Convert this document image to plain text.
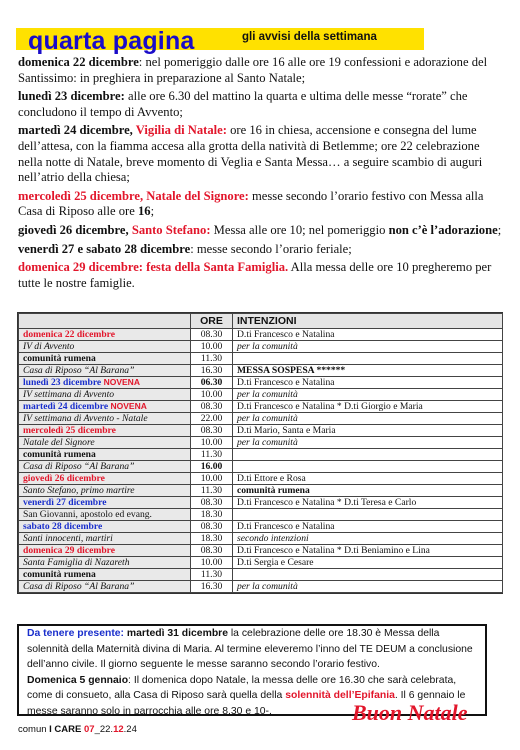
quarta pagina	gli avvisi della settimana

domenica 22 dicembre: nel pomeriggio dalle ore 16 alle ore 19 confessioni e adorazione del Santissimo: in preghiera in preparazione al Santo Natale;

lunedì 23 dicembre: alle ore 6.30 del mattino la quarta e ultima delle messe “rorate” che concludono il tempo di Avvento;

martedì 24 dicembre, Vigilia di Natale: ore 16 in chiesa, accensione e consegna del lume dell’attesa, con la fiamma accesa alla grotta della natività di Betlemme; ore 22 celebrazione nella notte di Natale, breve momento di Veglia e Santa Messa… a seguire scambio di auguri nell’atrio della chiesa;

mercoledì 25 dicembre, Natale del Signore: messe secondo l’orario festivo con Messa alla Casa di Riposo alle ore 16;

giovedì 26 dicembre, Santo Stefano: Messa alle ore 10; nel pomeriggio non c’è l’adorazione;

venerdì 27 e sabato 28 dicembre: messe secondo l’orario feriale;

domenica 29 dicembre: festa della Santa Famiglia. Alla messa delle ore 10 pregheremo per tutte le nostre famiglie.

	ORE	INTENZIONI
domenica 22 dicembre	08.30	D.ti Francesco e Natalina
IV di Avvento	10.00	per la comunità
comunità rumena	11.30	
Casa di Riposo “Al Barana”	16.30	MESSA SOSPESA ******
lunedì 23 dicembre NOVENA	06.30	D.ti Francesco e Natalina
IV settimana di Avvento	10.00	per la comunità
martedì 24 dicembre NOVENA	08.30	D.ti Francesco e Natalina * D.ti Giorgio e Maria
IV settimana di Avvento - Natale	22.00	per la comunità
mercoledì 25 dicembre	08.30	D.ti Mario, Santa e Maria
Natale del Signore	10.00	per la comunità
comunità rumena	11.30	
Casa di Riposo “Al Barana”	16.00	
giovedì 26 dicembre	10.00	D.ti Ettore e Rosa
Santo Stefano, primo martire	11.30	comunità rumena
venerdì 27 dicembre	08.30	D.ti Francesco e Natalina * D.ti Teresa e Carlo
San Giovanni, apostolo ed evang.	18.30	
sabato 28 dicembre	08.30	D.ti Francesco e Natalina
Santi innocenti, martiri	18.30	secondo intenzioni
domenica 29 dicembre	08.30	D.ti Francesco e Natalina * D.ti Beniamino e Lina
Santa Famiglia di Nazareth	10.00	D.ti Sergia e Cesare
comunità rumena	11.30	
Casa di Riposo “Al Barana”	16.30	per la comunità

Da tenere presente: martedì 31 dicembre la celebrazione delle ore 18.30 è Messa della solennità della Maternità divina di Maria. Al termine eleveremo l’inno del TE DEUM a conclusione dell’anno civile. Il giorno seguente le messe saranno secondo l’orario festivo.

Domenica 5 gennaio: Il domenica dopo Natale, la messa delle ore 16.30 che sarà celebrata, come di consueto, alla Casa di Riposo sarà quella della solennità dell’Epifania. Il 6 gennaio le messe saranno solo in parrocchia alle ore 8.30 e 10-.	Buon Natale
comun I CARE 07_22.12.24
